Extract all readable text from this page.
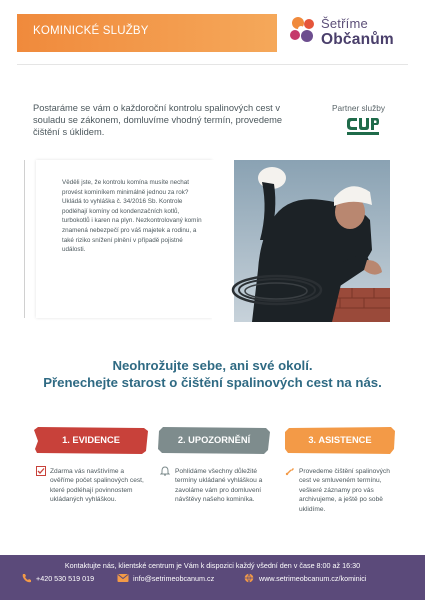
KOMINICKÉ SLUŽBY	Šetříme
Občanům
Postaráme se vám o každoroční kontrolu spalinových cest v souladu se zákonem, domluvíme vhodný termín, provedeme čištění s úklidem.
Partner služby
Věděli jste, že kontrolu komína musíte nechat provést kominíkem minimálně jednou za rok? Ukládá to vyhláška č. 34/2016 Sb. Kontrole podléhají komíny od kondenzačních kotlů, turbokotlů i karen na plyn. Nezkontrolovaný komín znamená nebezpečí pro váš majetek a rodinu, a také riziko snížení plnění v případě pojistné události.
Neohrožujte sebe, ani své okolí.
Přenechejte starost o čištění spalinových cest na nás.
1. EVIDENCE
Zdarma vás navštívíme a ověříme počet spalinových cest, které podléhají povinnostem ukládaných vyhláškou.
2. UPOZORNĚNÍ
Pohlídáme všechny důležité termíny ukládané vyhláškou a zavoláme vám pro domluvení návštěvy našeho kominíka.
3. ASISTENCE
Provedeme čištění spalinových cest ve smluveném termínu, veškeré záznamy pro vás archivujeme, a ještě po sobě uklidíme.
Kontaktujte nás, klientské centrum je Vám k dispozici každý všední den v čase 8:00 až 16:30
+420 530 519 019	info@setrimeobcanum.cz	www.setrimeobcanum.cz/kominici
